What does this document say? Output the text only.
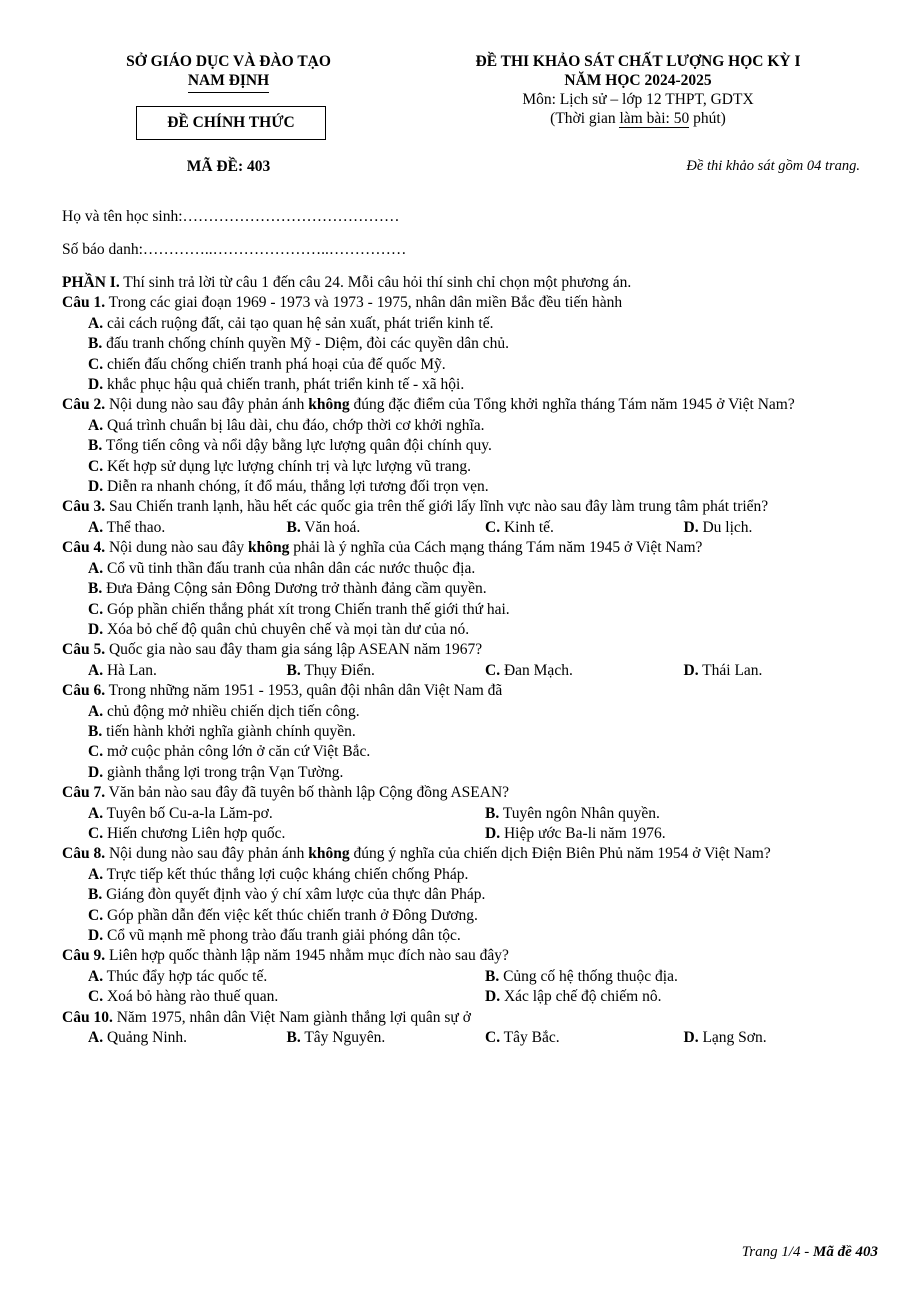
SỞ GIÁO DỤC VÀ ĐÀO TẠO
NAM ĐỊNH
ĐỀ CHÍNH THỨC
MÃ ĐỀ: 403
ĐỀ THI KHẢO SÁT CHẤT LƯỢNG HỌC KỲ I
NĂM HỌC 2024-2025
Môn: Lịch sử – lớp 12 THPT, GDTX
(Thời gian làm bài: 50 phút)
Đề thi khảo sát gồm 04 trang.
Họ và tên học sinh:……………………………………
Số báo danh:…………..…………………..……………

PHẦN I. Thí sinh trả lời từ câu 1 đến câu 24. Mỗi câu hỏi thí sinh chỉ chọn một phương án.

Câu 1. Trong các giai đoạn 1969 - 1973 và 1973 - 1975, nhân dân miền Bắc đều tiến hành

A. cải cách ruộng đất, cải tạo quan hệ sản xuất, phát triển kinh tế.
B. đấu tranh chống chính quyền Mỹ - Diệm, đòi các quyền dân chủ.
C. chiến đấu chống chiến tranh phá hoại của đế quốc Mỹ.
D. khắc phục hậu quả chiến tranh, phát triển kinh tế - xã hội.

Câu 2. Nội dung nào sau đây phản ánh không đúng đặc điểm của Tổng khởi nghĩa tháng Tám năm 1945 ở Việt Nam?

A. Quá trình chuẩn bị lâu dài, chu đáo, chớp thời cơ khởi nghĩa.
B. Tổng tiến công và nổi dậy bằng lực lượng quân đội chính quy.
C. Kết hợp sử dụng lực lượng chính trị và lực lượng vũ trang.
D. Diễn ra nhanh chóng, ít đổ máu, thắng lợi tương đối trọn vẹn.

Câu 3. Sau Chiến tranh lạnh, hầu hết các quốc gia trên thế giới lấy lĩnh vực nào sau đây làm trung tâm phát triển?

A. Thể thao.	B. Văn hoá.	C. Kinh tế.	D. Du lịch.

Câu 4. Nội dung nào sau đây không phải là ý nghĩa của Cách mạng tháng Tám năm 1945 ở Việt Nam?

A. Cổ vũ tinh thần đấu tranh của nhân dân các nước thuộc địa.
B. Đưa Đảng Cộng sản Đông Dương trở thành đảng cầm quyền.
C. Góp phần chiến thắng phát xít trong Chiến tranh thế giới thứ hai.
D. Xóa bỏ chế độ quân chủ chuyên chế và mọi tàn dư của nó.

Câu 5. Quốc gia nào sau đây tham gia sáng lập ASEAN năm 1967?

A. Hà Lan.	B. Thụy Điển.	C. Đan Mạch.	D. Thái Lan.

Câu 6. Trong những năm 1951 - 1953, quân đội nhân dân Việt Nam đã

A. chủ động mở nhiều chiến dịch tiến công.
B. tiến hành khởi nghĩa giành chính quyền.
C. mở cuộc phản công lớn ở căn cứ Việt Bắc.
D. giành thắng lợi trong trận Vạn Tường.

Câu 7. Văn bản nào sau đây đã tuyên bố thành lập Cộng đồng ASEAN?

A. Tuyên bố Cu-a-la Lăm-pơ.	B. Tuyên ngôn Nhân quyền.
C. Hiến chương Liên hợp quốc.	D. Hiệp ước Ba-li năm 1976.

Câu 8. Nội dung nào sau đây phản ánh không đúng ý nghĩa của chiến dịch Điện Biên Phủ năm 1954 ở Việt Nam?

A. Trực tiếp kết thúc thắng lợi cuộc kháng chiến chống Pháp.
B. Giáng đòn quyết định vào ý chí xâm lược của thực dân Pháp.
C. Góp phần dẫn đến việc kết thúc chiến tranh ở Đông Dương.
D. Cổ vũ mạnh mẽ phong trào đấu tranh giải phóng dân tộc.

Câu 9. Liên hợp quốc thành lập năm 1945 nhằm mục đích nào sau đây?

A. Thúc đẩy hợp tác quốc tế.	B. Củng cố hệ thống thuộc địa.
C. Xoá bỏ hàng rào thuế quan.	D. Xác lập chế độ chiếm nô.

Câu 10. Năm 1975, nhân dân Việt Nam giành thắng lợi quân sự ở

A. Quảng Ninh.	B. Tây Nguyên.	C. Tây Bắc.	D. Lạng Sơn.
Trang 1/4 - Mã đề 403
